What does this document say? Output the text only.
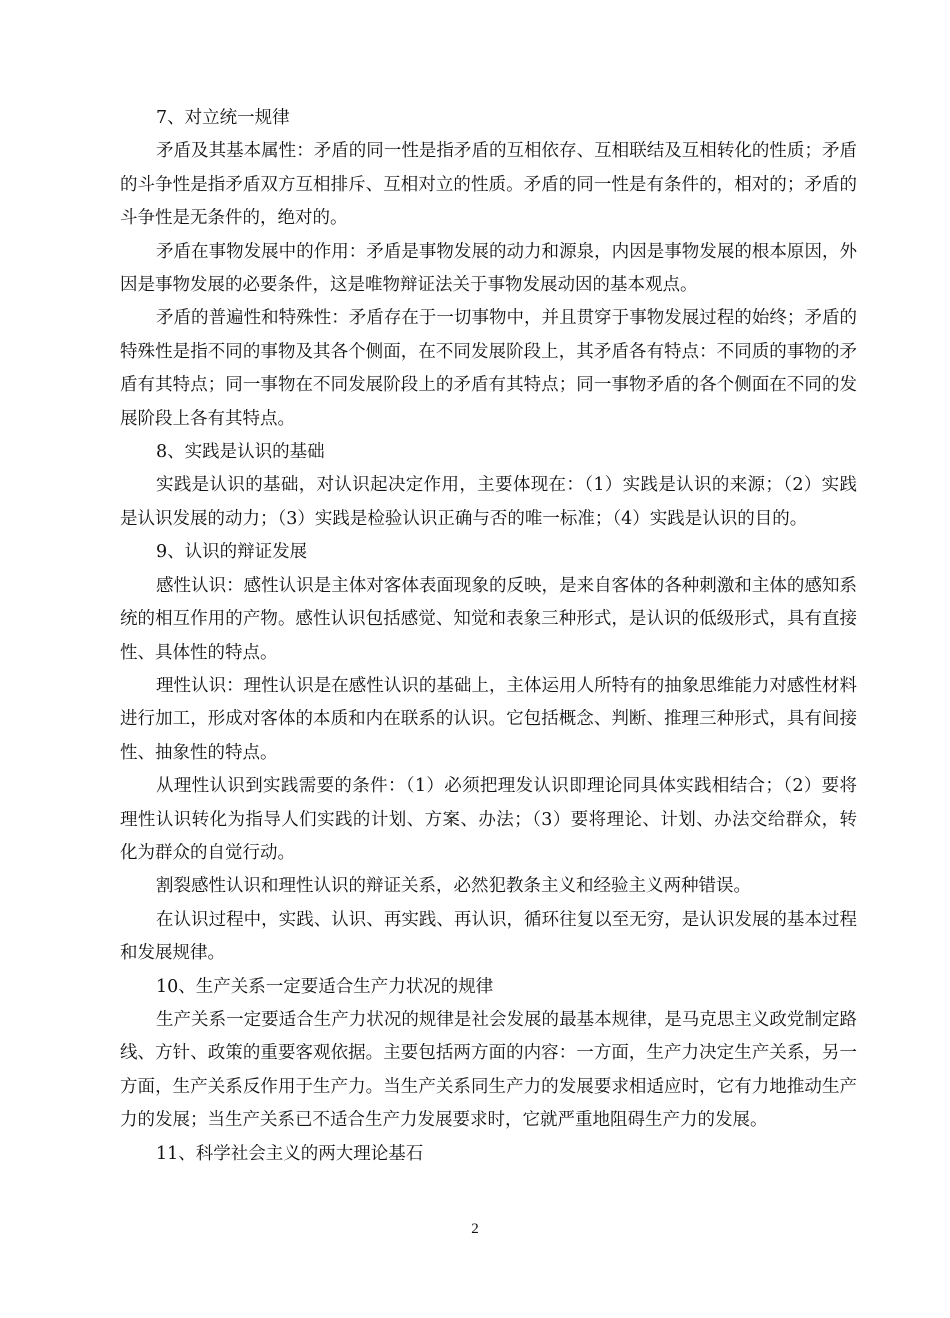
7、对立统一规律

矛盾及其基本属性：矛盾的同一性是指矛盾的互相依存、互相联结及互相转化的性质；矛盾的斗争性是指矛盾双方互相排斥、互相对立的性质。矛盾的同一性是有条件的，相对的；矛盾的斗争性是无条件的，绝对的。

矛盾在事物发展中的作用：矛盾是事物发展的动力和源泉，内因是事物发展的根本原因，外因是事物发展的必要条件，这是唯物辩证法关于事物发展动因的基本观点。

矛盾的普遍性和特殊性：矛盾存在于一切事物中，并且贯穿于事物发展过程的始终；矛盾的特殊性是指不同的事物及其各个侧面，在不同发展阶段上，其矛盾各有特点：不同质的事物的矛盾有其特点；同一事物在不同发展阶段上的矛盾有其特点；同一事物矛盾的各个侧面在不同的发展阶段上各有其特点。

8、实践是认识的基础

实践是认识的基础，对认识起决定作用，主要体现在：（1）实践是认识的来源；（2）实践是认识发展的动力；（3）实践是检验认识正确与否的唯一标准；（4）实践是认识的目的。

9、认识的辩证发展

感性认识：感性认识是主体对客体表面现象的反映，是来自客体的各种刺激和主体的感知系统的相互作用的产物。感性认识包括感觉、知觉和表象三种形式，是认识的低级形式，具有直接性、具体性的特点。

理性认识：理性认识是在感性认识的基础上，主体运用人所特有的抽象思维能力对感性材料进行加工，形成对客体的本质和内在联系的认识。它包括概念、判断、推理三种形式，具有间接性、抽象性的特点。

从理性认识到实践需要的条件：（1）必须把理发认识即理论同具体实践相结合；（2）要将理性认识转化为指导人们实践的计划、方案、办法；（3）要将理论、计划、办法交给群众，转化为群众的自觉行动。

割裂感性认识和理性认识的辩证关系，必然犯教条主义和经验主义两种错误。

在认识过程中，实践、认识、再实践、再认识，循环往复以至无穷，是认识发展的基本过程和发展规律。

10、生产关系一定要适合生产力状况的规律

生产关系一定要适合生产力状况的规律是社会发展的最基本规律，是马克思主义政党制定路线、方针、政策的重要客观依据。主要包括两方面的内容：一方面，生产力决定生产关系，另一方面，生产关系反作用于生产力。当生产关系同生产力的发展要求相适应时，它有力地推动生产力的发展；当生产关系已不适合生产力发展要求时，它就严重地阻碍生产力的发展。

11、科学社会主义的两大理论基石

2
